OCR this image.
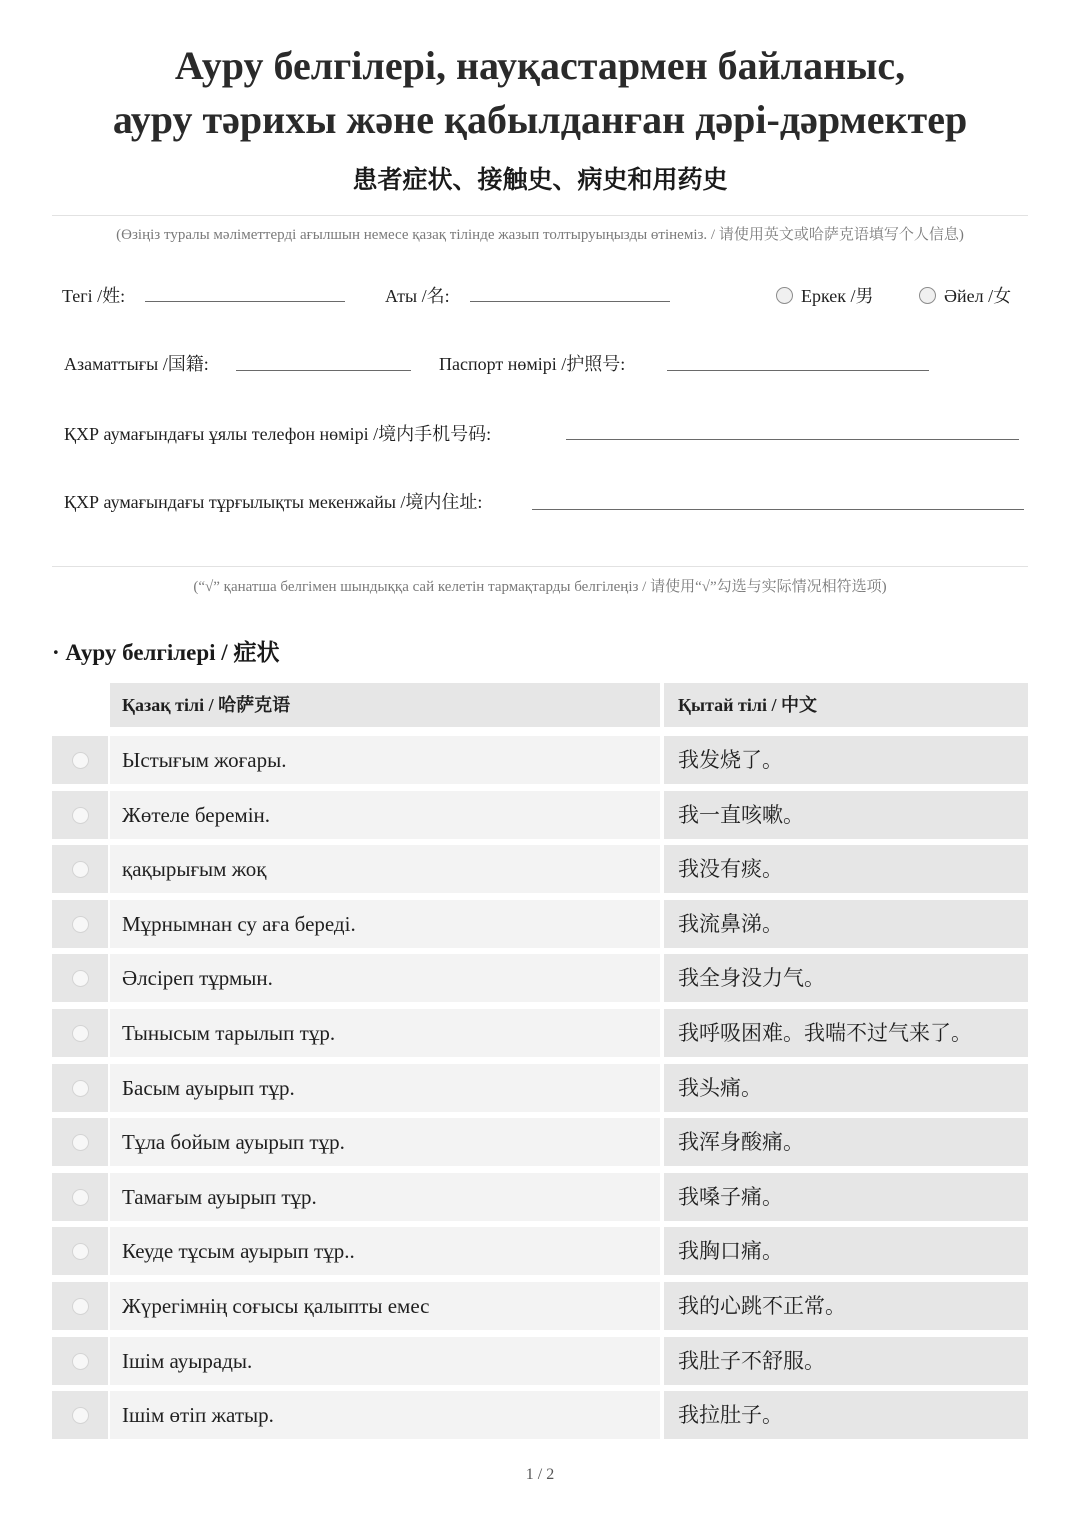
Ауру белгілері, науқастармен байланыс,
ауру тәрихы және қабылданған дәрі-дәрмектер
患者症状、接触史、病史和用药史
(Өзіңіз туралы мәліметтерді ағылшын немесе қазақ тілінде жазып толтыруыңызды өтінеміз. / 请使用英文或哈萨克语填写个人信息)
Тегі /姓:	Аты /名:	Еркек /男	Әйел /女
Азаматтығы /国籍:	Паспорт нөмірі /护照号:
ҚХР аумағындағы ұялы телефон нөмірі /境内手机号码:
ҚХР аумағындағы тұрғылықты мекенжайы /境内住址:
(“√” қанатша белгімен шындыққа сай келетін тармақтарды белгілеңіз / 请使用“√”勾选与实际情况相符选项)
· Ауру белгілері / 症状
Қазақ тілі / 哈萨克语	Қытай тілі / 中文
Ыстығым жоғары.	我发烧了。
Жөтеле беремін.	我一直咳嗽。
қақырығым жоқ	我没有痰。
Мұрнымнан су аға береді.	我流鼻涕。
Әлсіреп тұрмын.	我全身没力气。
Тынысым тарылып тұр.	我呼吸困难。我喘不过气来了。
Басым ауырып тұр.	我头痛。
Тұла бойым ауырып тұр.	我浑身酸痛。
Тамағым ауырып тұр.	我嗓子痛。
Кеуде тұсым ауырып тұр..	我胸口痛。
Жүрегімнің соғысы қалыпты емес	我的心跳不正常。
Ішім ауырады.	我肚子不舒服。
Ішім өтіп жатыр.	我拉肚子。
1 / 2
